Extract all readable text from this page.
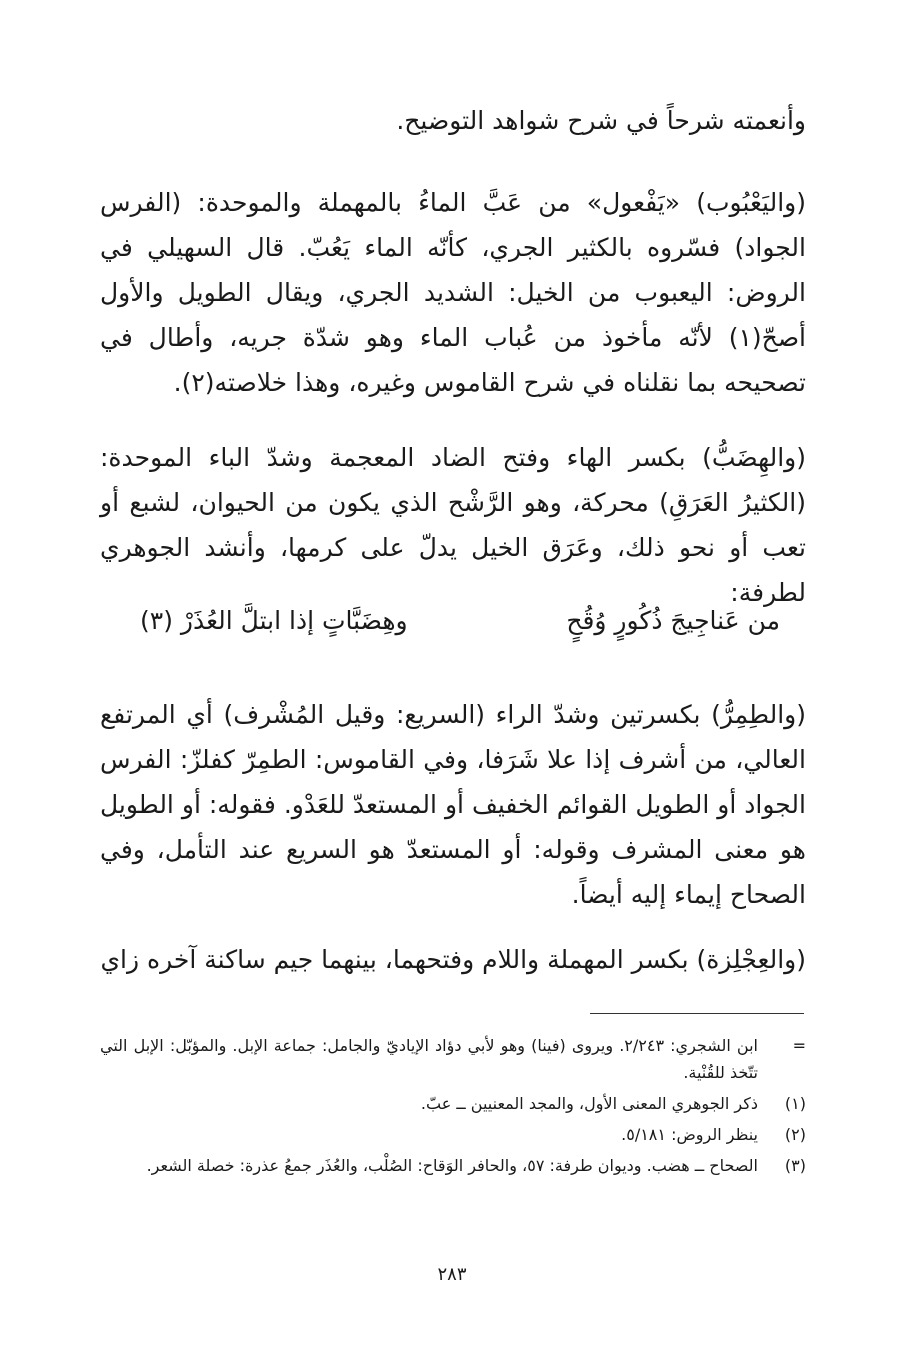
وأنعمته شرحاً في شرح شواهد التوضيح.

(واليَعْبُوب) «يَفْعول» من عَبَّ الماءُ بالمهملة والموحدة: (الفرس الجواد) فسّروه بالكثير الجري، كأنّه الماء يَعُبّ. قال السهيلي في الروض: اليعبوب من الخيل: الشديد الجري، ويقال الطويل والأول أصحّ(١) لأنّه مأخوذ من عُباب الماء وهو شدّة جريه، وأطال في تصحيحه بما نقلناه في شرح القاموس وغيره، وهذا خلاصته(٢).

(والهِضَبُّ) بكسر الهاء وفتح الضاد المعجمة وشدّ الباء الموحدة: (الكثيرُ العَرَقِ) محركة، وهو الرَّشْح الذي يكون من الحيوان، لشبع أو تعب أو نحو ذلك، وعَرَق الخيل يدلّ على كرمها، وأنشد الجوهري لطرفة:

من عَناجِيجَ ذُكُورٍ وُقُحٍ
وهِضَبَّاتٍ إذا ابتلَّ العُذَرْ (٣)

(والطِمِرُّ) بكسرتين وشدّ الراء (السريع: وقيل المُشْرف) أي المرتفع العالي، من أشرف إذا علا شَرَفا، وفي القاموس: الطمِرّ كفلزّ: الفرس الجواد أو الطويل القوائم الخفيف أو المستعدّ للعَدْو. فقوله: أو الطويل هو معنى المشرف وقوله: أو المستعدّ هو السريع عند التأمل، وفي الصحاح إيماء إليه أيضاً.

(والعِجْلِزة) بكسر المهملة واللام وفتحهما، بينهما جيم ساكنة آخره زاي

=
ابن الشجري: ٢/٢٤٣. ويروى (فينا) وهو لأبي دؤاد الإياديّ والجامل: جماعة الإبل. والمؤبّل: الإبل التي تتّخذ للقُنْية.
(١)
ذكر الجوهري المعنى الأول، والمجد المعنيين ــ عبّ.
(٢)
ينظر الروض: ٥/١٨١.
(٣)
الصحاح ــ هضب. وديوان طرفة: ٥٧، والحافر الوَقاح: الصُلْب، والعُذَر جمعُ عذرة: خصلة الشعر.
٢٨٣
